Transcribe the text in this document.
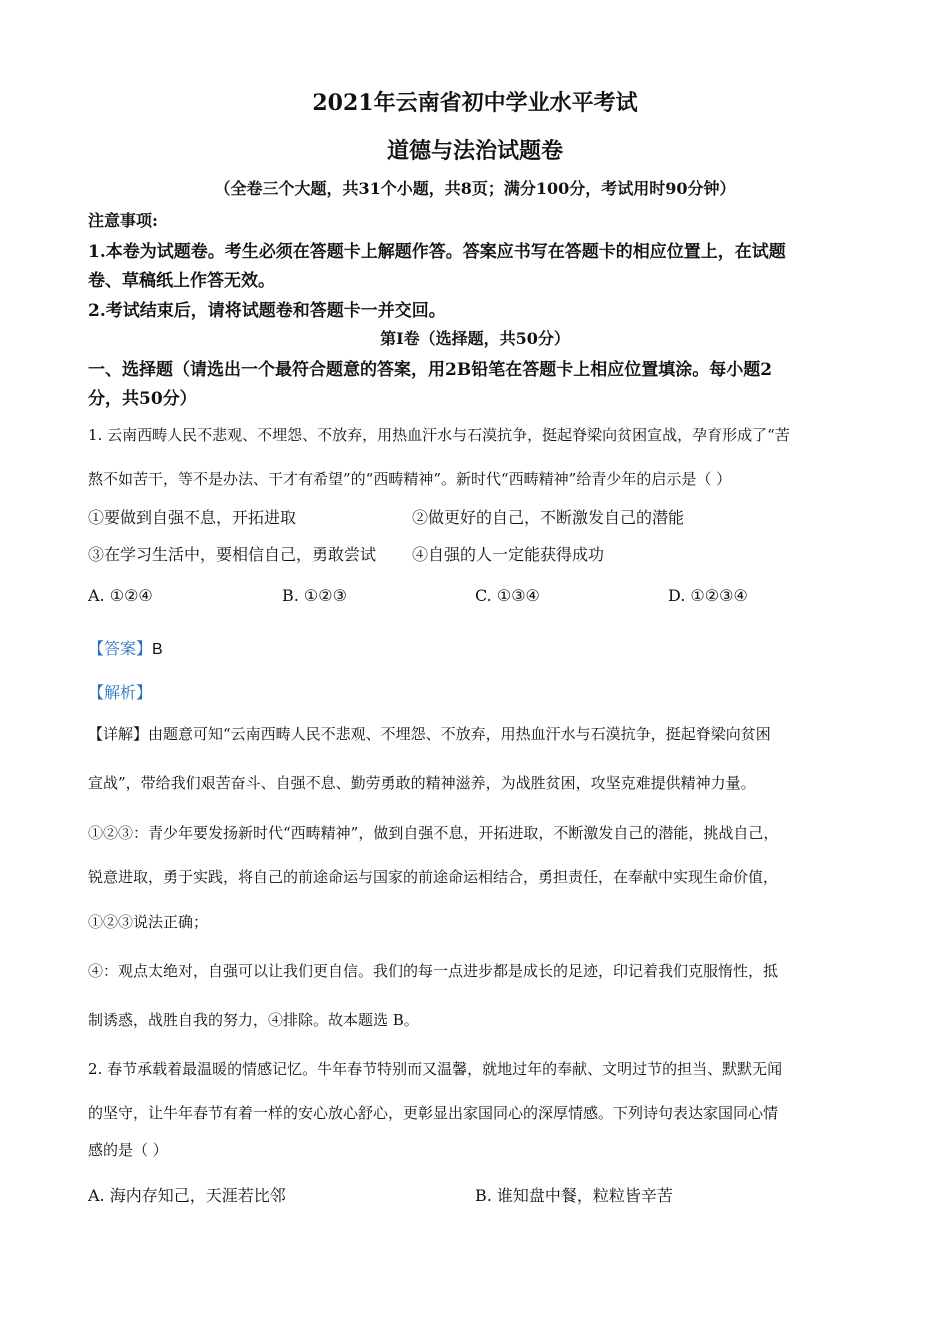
2021年云南省初中学业水平考试
道德与法治试题卷
（全卷三个大题，共31个小题，共8页；满分100分，考试用时90分钟）
注意事项:
1.本卷为试题卷。考生必须在答题卡上解题作答。答案应书写在答题卡的相应位置上，在试题
卷、草稿纸上作答无效。
2.考试结束后，请将试题卷和答题卡一并交回。
第Ⅰ卷（选择题，共50分）
一、选择题（请选出一个最符合题意的答案，用2B铅笔在答题卡上相应位置填涂。每小题2
分，共50分）
1. 云南西畴人民不悲观、不埋怨、不放弃，用热血汗水与石漠抗争，挺起脊梁向贫困宣战，孕育形成了“苦
熬不如苦干，等不是办法、干才有希望”的“西畴精神”。新时代“西畴精神”给青少年的启示是（ ）
①要做到自强不息，开拓进取	②做更好的自己，不断激发自己的潜能
③在学习生活中，要相信自己，勇敢尝试 ④自强的人一定能获得成功
A. ①②④	B. ①②③	C. ①③④	D. ①②③④
【答案】B
【解析】
【详解】由题意可知“云南西畴人民不悲观、不埋怨、不放弃，用热血汗水与石漠抗争，挺起脊梁向贫困
宣战”，带给我们艰苦奋斗、自强不息、勤劳勇敢的精神滋养，为战胜贫困，攻坚克难提供精神力量。
①②③：青少年要发扬新时代“西畴精神”，做到自强不息，开拓进取，不断激发自己的潜能，挑战自己，
锐意进取，勇于实践，将自己的前途命运与国家的前途命运相结合，勇担责任，在奉献中实现生命价值，
①②③说法正确；
④：观点太绝对，自强可以让我们更自信。我们的每一点进步都是成长的足迹，印记着我们克服惰性，抵
制诱惑，战胜自我的努力，④排除。故本题选 B。
2. 春节承载着最温暖的情感记忆。牛年春节特别而又温馨，就地过年的奉献、文明过节的担当、默默无闻
的坚守，让牛年春节有着一样的安心放心舒心，更彰显出家国同心的深厚情感。下列诗句表达家国同心情
感的是（ ）
A. 海内存知己，天涯若比邻	B. 谁知盘中餐，粒粒皆辛苦
